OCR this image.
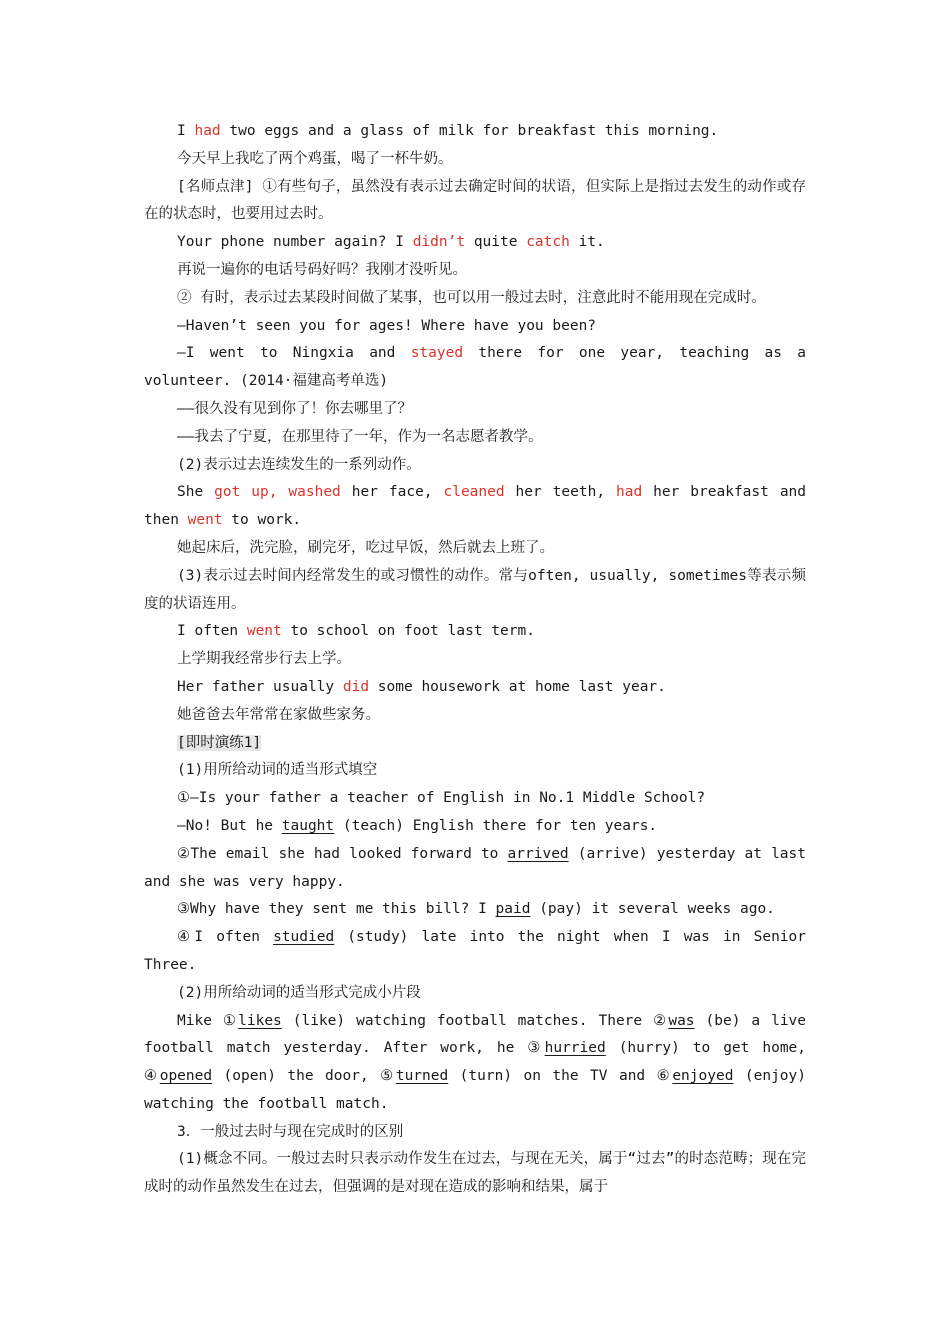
I had two eggs and a glass of milk for breakfast this morning.
今天早上我吃了两个鸡蛋，喝了一杯牛奶。
[名师点津] ①有些句子，虽然没有表示过去确定时间的状语，但实际上是指过去发生的动作或存在的状态时，也要用过去时。
Your phone number again? I didn’t quite catch it.
再说一遍你的电话号码好吗？我刚才没听见。
② 有时，表示过去某段时间做了某事，也可以用一般过去时，注意此时不能用现在完成时。
—Haven’t seen you for ages! Where have you been?
—I went to Ningxia and stayed there for one year, teaching as a volunteer. (2014·福建高考单选)
——很久没有见到你了！你去哪里了？
——我去了宁夏，在那里待了一年，作为一名志愿者教学。
(2)表示过去连续发生的一系列动作。
She got up, washed her face, cleaned her teeth, had her breakfast and then went to work.
她起床后，洗完脸，刷完牙，吃过早饭，然后就去上班了。
(3)表示过去时间内经常发生的或习惯性的动作。常与often, usually, sometimes等表示频度的状语连用。
I often went to school on foot last term.
上学期我经常步行去上学。
Her father usually did some housework at home last year.
她爸爸去年常常在家做些家务。
[即时演练1]
(1)用所给动词的适当形式填空
①—Is your father a teacher of English in No.1 Middle School?
—No! But he taught (teach) English there for ten years.
②The email she had looked forward to arrived (arrive) yesterday at last and she was very happy.
③Why have they sent me this bill? I paid (pay) it several weeks ago.
④I often studied (study) late into the night when I was in Senior Three.
(2)用所给动词的适当形式完成小片段
Mike ①likes (like) watching football matches. There ②was (be) a live football match yesterday. After work, he ③hurried (hurry) to get home, ④opened (open) the door, ⑤turned (turn) on the TV and ⑥enjoyed (enjoy) watching the football match.
3．一般过去时与现在完成时的区别
(1)概念不同。一般过去时只表示动作发生在过去，与现在无关，属于“过去”的时态范畴；现在完成时的动作虽然发生在过去，但强调的是对现在造成的影响和结果，属于
